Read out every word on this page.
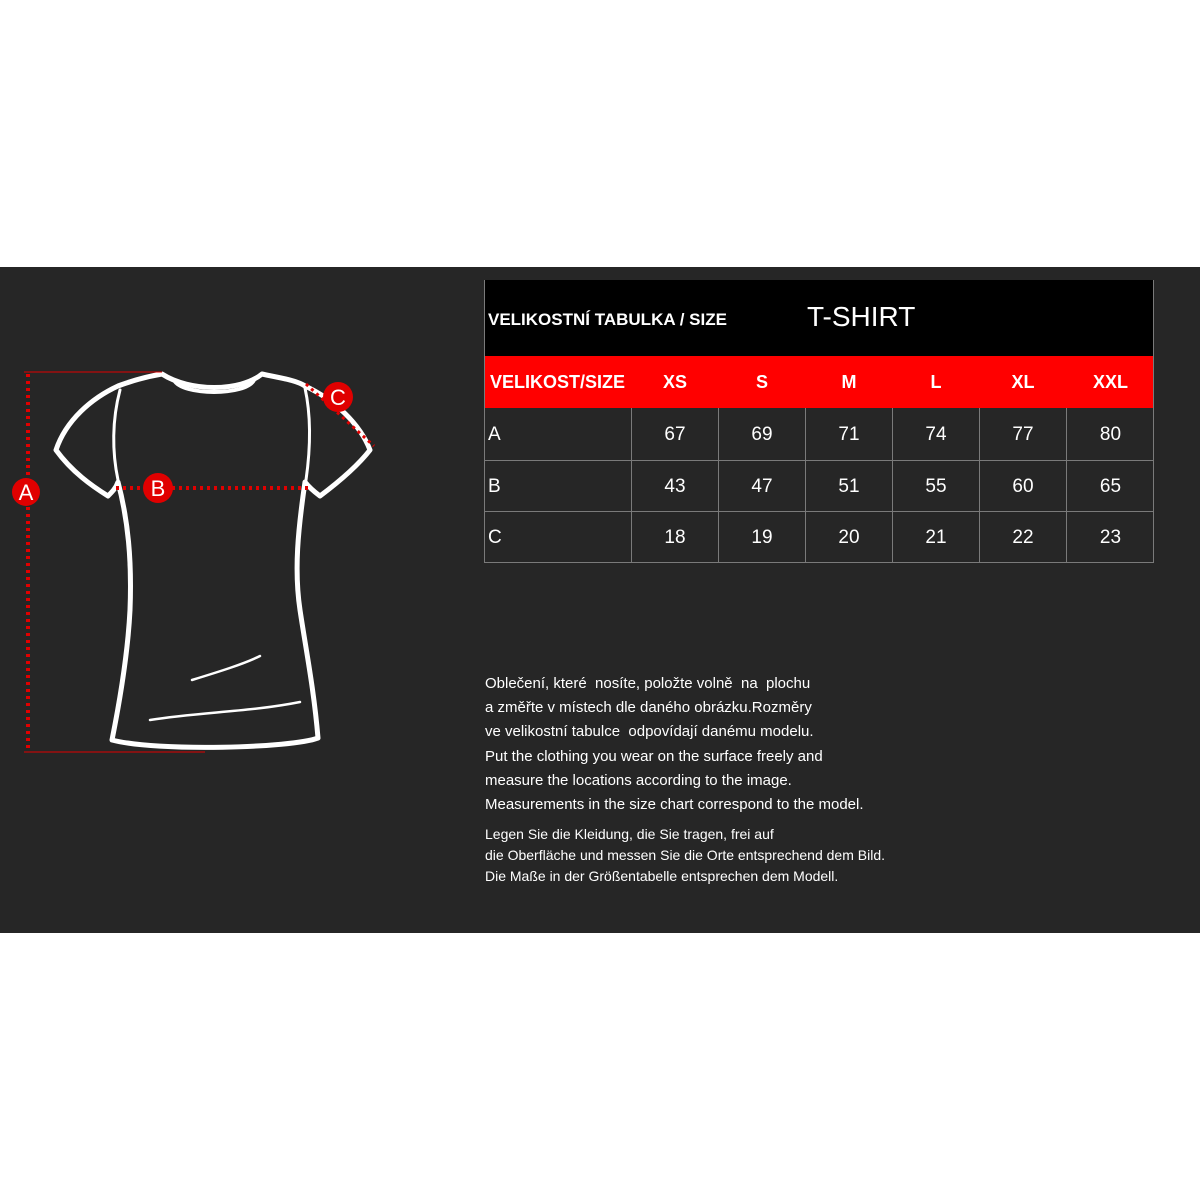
A	B
C
VELIKOSTNÍ TABULKA / SIZE	T-SHIRT
VELIKOST/SIZE	XS	S	M	L	XL	XXL
A	67	69	71	74	77	80
B	43	47	51	55	60	65
C	18	19	20	21	22	23
Oblečení, které  nosíte, položte volně  na  plochu
a změřte v místech dle daného obrázku.Rozměry
ve velikostní tabulce  odpovídají danému modelu.
Put the clothing you wear on the surface freely and
measure the locations according to the image.
Measurements in the size chart correspond to the model.
Legen Sie die Kleidung, die Sie tragen, frei auf
die Oberfläche und messen Sie die Orte entsprechend dem Bild.
Die Maße in der Größentabelle entsprechen dem Modell.
